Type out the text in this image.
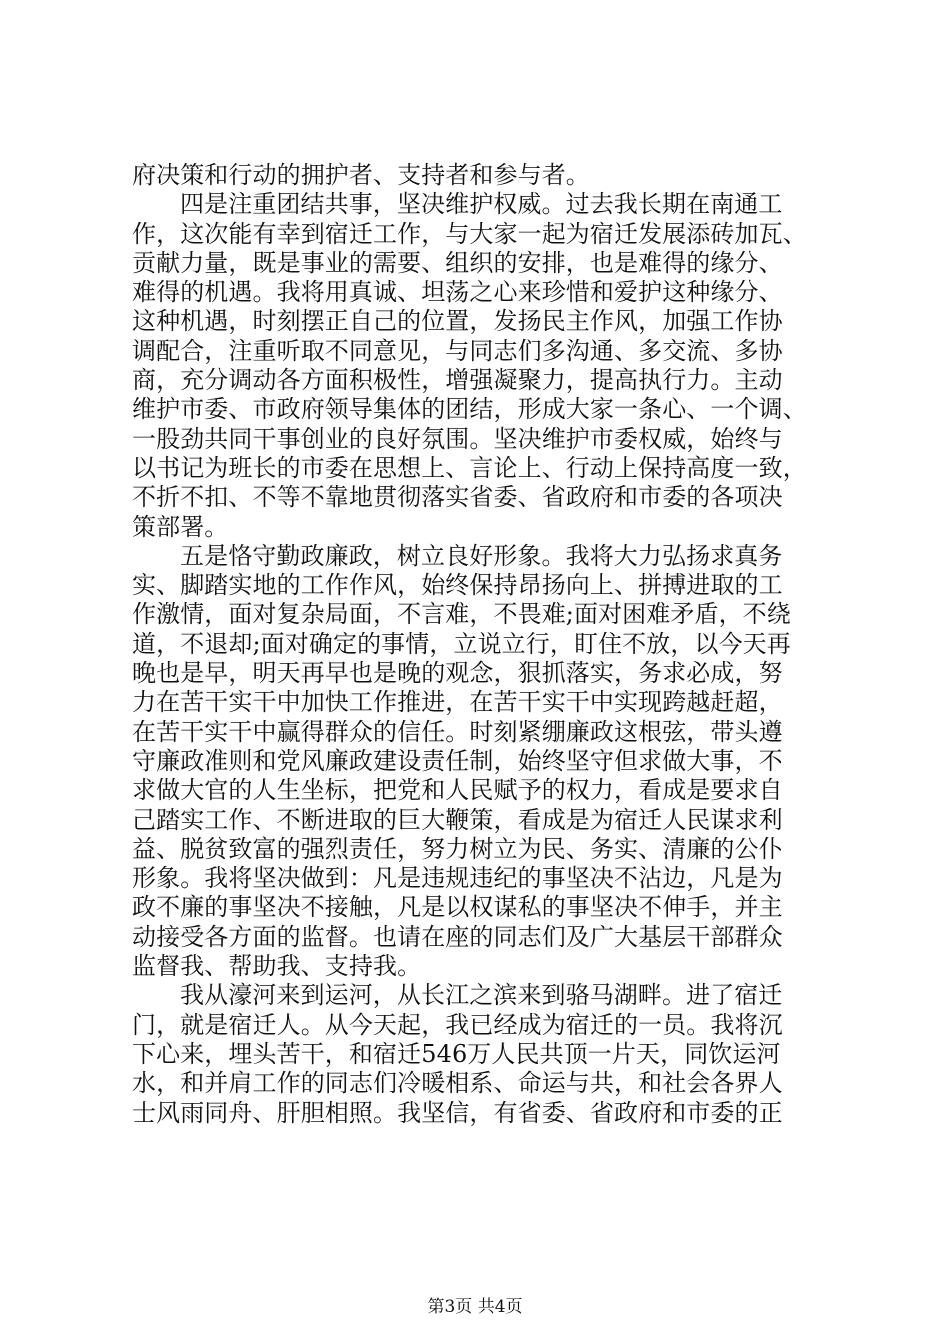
府决策和行动的拥护者、支持者和参与者。
四是注重团结共事，坚决维护权威。过去我长期在南通工
作，这次能有幸到宿迁工作，与大家一起为宿迁发展添砖加瓦、
贡献力量，既是事业的需要、组织的安排，也是难得的缘分、
难得的机遇。我将用真诚、坦荡之心来珍惜和爱护这种缘分、
这种机遇，时刻摆正自己的位置，发扬民主作风，加强工作协
调配合，注重听取不同意见，与同志们多沟通、多交流、多协
商，充分调动各方面积极性，增强凝聚力，提高执行力。主动
维护市委、市政府领导集体的团结，形成大家一条心、一个调、
一股劲共同干事创业的良好氛围。坚决维护市委权威，始终与
以书记为班长的市委在思想上、言论上、行动上保持高度一致，
不折不扣、不等不靠地贯彻落实省委、省政府和市委的各项决
策部署。
五是恪守勤政廉政，树立良好形象。我将大力弘扬求真务
实、脚踏实地的工作作风，始终保持昂扬向上、拼搏进取的工
作激情，面对复杂局面，不言难，不畏难;面对困难矛盾，不绕
道，不退却;面对确定的事情，立说立行，盯住不放，以今天再
晚也是早，明天再早也是晚的观念，狠抓落实，务求必成，努
力在苦干实干中加快工作推进，在苦干实干中实现跨越赶超，
在苦干实干中赢得群众的信任。时刻紧绷廉政这根弦，带头遵
守廉政准则和党风廉政建设责任制，始终坚守但求做大事，不
求做大官的人生坐标，把党和人民赋予的权力，看成是要求自
己踏实工作、不断进取的巨大鞭策，看成是为宿迁人民谋求利
益、脱贫致富的强烈责任，努力树立为民、务实、清廉的公仆
形象。我将坚决做到：凡是违规违纪的事坚决不沾边，凡是为
政不廉的事坚决不接触，凡是以权谋私的事坚决不伸手，并主
动接受各方面的监督。也请在座的同志们及广大基层干部群众
监督我、帮助我、支持我。
我从濠河来到运河，从长江之滨来到骆马湖畔。进了宿迁
门，就是宿迁人。从今天起，我已经成为宿迁的一员。我将沉
下心来，埋头苦干，和宿迁546万人民共顶一片天，同饮运河
水，和并肩工作的同志们冷暖相系、命运与共，和社会各界人
士风雨同舟、肝胆相照。我坚信，有省委、省政府和市委的正
第3页 共4页
